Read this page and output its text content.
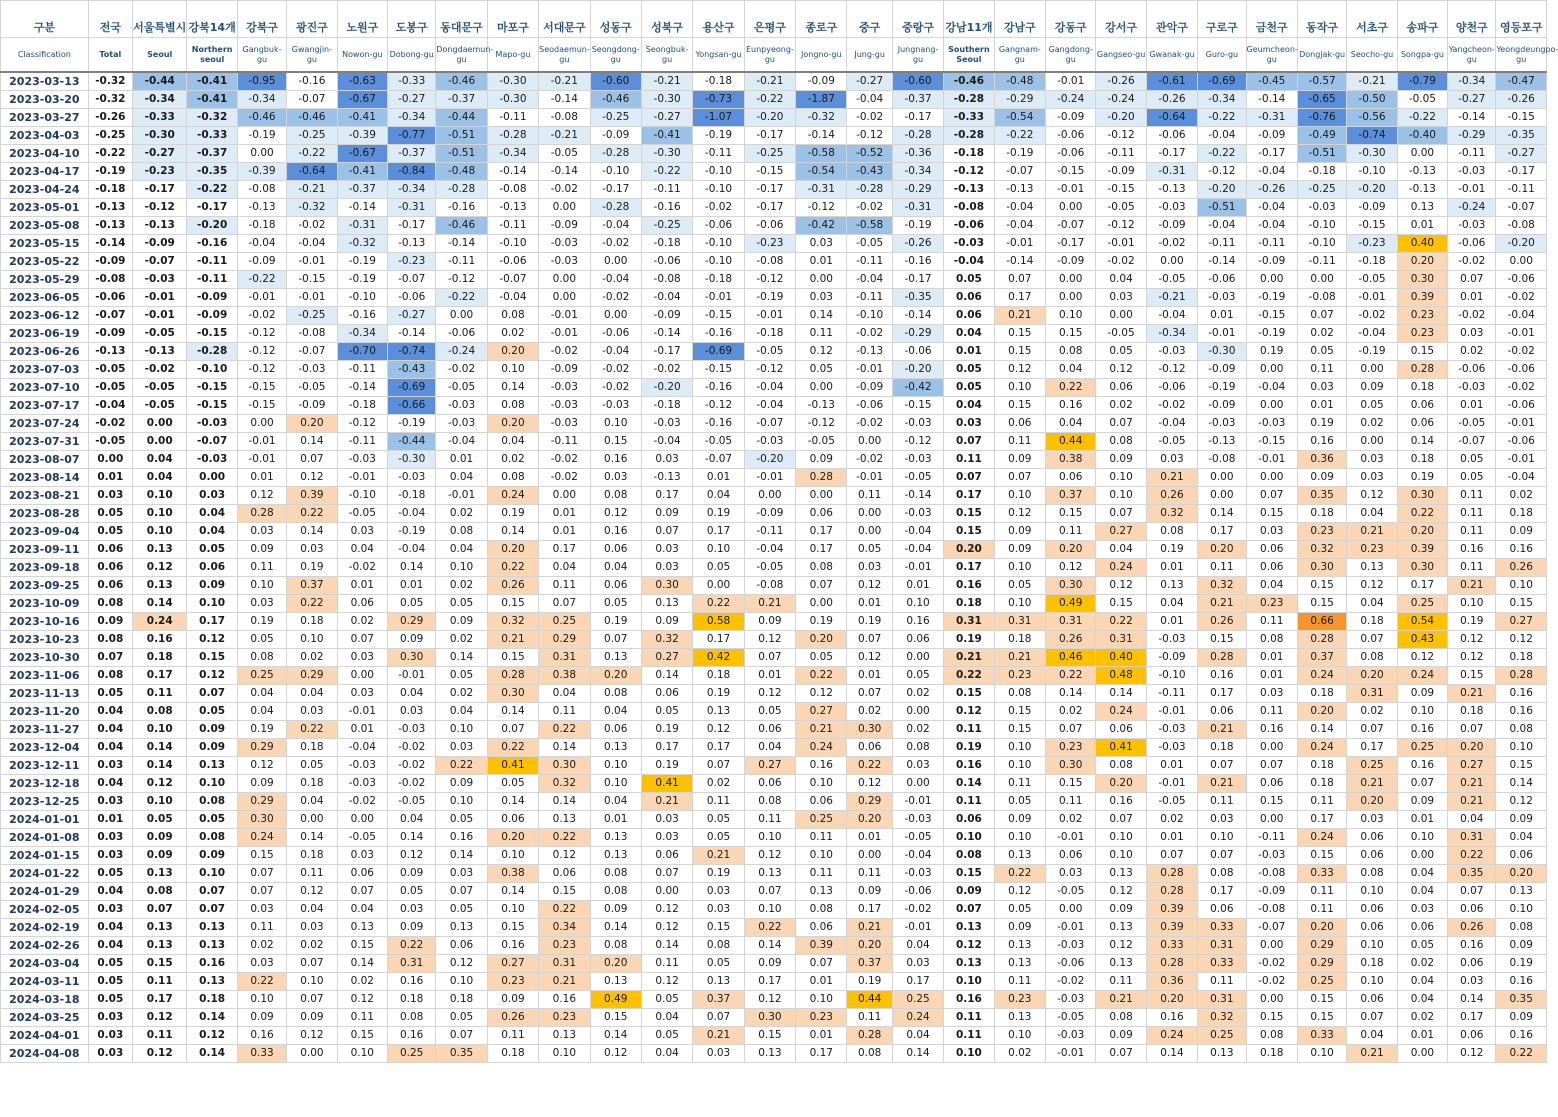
구분	전국	서울특별시	강북14개	강북구	광진구	노원구	도봉구	동대문구	마포구	서대문구	성동구	성북구	용산구	은평구	종로구	중구	중랑구	강남11개	강남구	강동구	강서구	관악구	구로구	금천구	동작구	서초구	송파구	양천구	영등포구
Classification	Total	Seoul	Northern seoul	Gangbuk-gu	Gwangjin-gu	Nowon-gu	Dobong-gu	Dongdaemun-gu	Mapo-gu	Seodaemun-gu	Seongdong-gu	Seongbuk-gu	Yongsan-gu	Eunpyeong-gu	Jongno-gu	Jung-gu	Jungnang-gu	Southern Seoul	Gangnam-gu	Gangdong-gu	Gangseo-gu	Gwanak-gu	Guro-gu	Geumcheon-gu	Dongjak-gu	Seocho-gu	Songpa-gu	Yangcheon-gu	Yeongdeungpo-gu
2023-03-13	-0.32	-0.44	-0.41	-0.95	-0.16	-0.63	-0.33	-0.46	-0.30	-0.21	-0.60	-0.21	-0.18	-0.21	-0.09	-0.27	-0.60	-0.46	-0.48	-0.01	-0.26	-0.61	-0.69	-0.45	-0.57	-0.21	-0.79	-0.34	-0.47
2023-03-20	-0.32	-0.34	-0.41	-0.34	-0.07	-0.67	-0.27	-0.37	-0.30	-0.14	-0.46	-0.30	-0.73	-0.22	-1.87	-0.04	-0.37	-0.28	-0.29	-0.24	-0.24	-0.26	-0.34	-0.14	-0.65	-0.50	-0.05	-0.27	-0.26
2023-03-27	-0.26	-0.33	-0.32	-0.46	-0.46	-0.41	-0.34	-0.44	-0.11	-0.08	-0.25	-0.27	-1.07	-0.20	-0.32	-0.02	-0.17	-0.33	-0.54	-0.09	-0.20	-0.64	-0.22	-0.31	-0.76	-0.56	-0.22	-0.14	-0.15
2023-04-03	-0.25	-0.30	-0.33	-0.19	-0.25	-0.39	-0.77	-0.51	-0.28	-0.21	-0.09	-0.41	-0.19	-0.17	-0.14	-0.12	-0.28	-0.28	-0.22	-0.06	-0.12	-0.06	-0.04	-0.09	-0.49	-0.74	-0.40	-0.29	-0.35
2023-04-10	-0.22	-0.27	-0.37	0.00	-0.22	-0.67	-0.37	-0.51	-0.34	-0.05	-0.28	-0.30	-0.11	-0.25	-0.58	-0.52	-0.36	-0.18	-0.19	-0.06	-0.11	-0.17	-0.22	-0.17	-0.51	-0.30	0.00	-0.11	-0.27
2023-04-17	-0.19	-0.23	-0.35	-0.39	-0.64	-0.41	-0.84	-0.48	-0.14	-0.14	-0.10	-0.22	-0.10	-0.15	-0.54	-0.43	-0.34	-0.12	-0.07	-0.15	-0.09	-0.31	-0.12	-0.04	-0.18	-0.10	-0.13	-0.03	-0.17
2023-04-24	-0.18	-0.17	-0.22	-0.08	-0.21	-0.37	-0.34	-0.28	-0.08	-0.02	-0.17	-0.11	-0.10	-0.17	-0.31	-0.28	-0.29	-0.13	-0.13	-0.01	-0.15	-0.13	-0.20	-0.26	-0.25	-0.20	-0.13	-0.01	-0.11
2023-05-01	-0.13	-0.12	-0.17	-0.13	-0.32	-0.14	-0.31	-0.16	-0.13	0.00	-0.28	-0.16	-0.02	-0.17	-0.12	-0.02	-0.31	-0.08	-0.04	0.00	-0.05	-0.03	-0.51	-0.04	-0.03	-0.09	0.13	-0.24	-0.07
2023-05-08	-0.13	-0.13	-0.20	-0.18	-0.02	-0.31	-0.17	-0.46	-0.11	-0.09	-0.04	-0.25	-0.06	-0.06	-0.42	-0.58	-0.19	-0.06	-0.04	-0.07	-0.12	-0.09	-0.04	-0.04	-0.10	-0.15	0.01	-0.03	-0.08
2023-05-15	-0.14	-0.09	-0.16	-0.04	-0.04	-0.32	-0.13	-0.14	-0.10	-0.03	-0.02	-0.18	-0.10	-0.23	0.03	-0.05	-0.26	-0.03	-0.01	-0.17	-0.01	-0.02	-0.11	-0.11	-0.10	-0.23	0.40	-0.06	-0.20
2023-05-22	-0.09	-0.07	-0.11	-0.09	-0.01	-0.19	-0.23	-0.11	-0.06	-0.03	0.00	-0.06	-0.10	-0.08	0.01	-0.11	-0.16	-0.04	-0.14	-0.09	-0.02	0.00	-0.14	-0.09	-0.11	-0.18	0.20	-0.02	0.00
2023-05-29	-0.08	-0.03	-0.11	-0.22	-0.15	-0.19	-0.07	-0.12	-0.07	0.00	-0.04	-0.08	-0.18	-0.12	0.00	-0.04	-0.17	0.05	0.07	0.00	0.04	-0.05	-0.06	0.00	0.00	-0.05	0.30	0.07	-0.06
2023-06-05	-0.06	-0.01	-0.09	-0.01	-0.01	-0.10	-0.06	-0.22	-0.04	0.00	-0.02	-0.04	-0.01	-0.19	0.03	-0.11	-0.35	0.06	0.17	0.00	0.03	-0.21	-0.03	-0.19	-0.08	-0.01	0.39	0.01	-0.02
2023-06-12	-0.07	-0.01	-0.09	-0.02	-0.25	-0.16	-0.27	0.00	0.08	-0.01	0.00	-0.09	-0.15	-0.01	0.14	-0.10	-0.14	0.06	0.21	0.10	0.00	-0.04	0.01	-0.15	0.07	-0.02	0.23	-0.02	-0.04
2023-06-19	-0.09	-0.05	-0.15	-0.12	-0.08	-0.34	-0.14	-0.06	0.02	-0.01	-0.06	-0.14	-0.16	-0.18	0.11	-0.02	-0.29	0.04	0.15	0.15	-0.05	-0.34	-0.01	-0.19	0.02	-0.04	0.23	0.03	-0.01
2023-06-26	-0.13	-0.13	-0.28	-0.12	-0.07	-0.70	-0.74	-0.24	0.20	-0.02	-0.04	-0.17	-0.69	-0.05	0.12	-0.13	-0.06	0.01	0.15	0.08	0.05	-0.03	-0.30	0.19	0.05	-0.19	0.15	0.02	-0.02
2023-07-03	-0.05	-0.02	-0.10	-0.12	-0.03	-0.11	-0.43	-0.02	0.10	-0.09	-0.02	-0.02	-0.15	-0.12	0.05	-0.01	-0.20	0.05	0.12	0.04	0.12	-0.12	-0.09	0.00	0.11	0.00	0.28	-0.06	-0.06
2023-07-10	-0.05	-0.05	-0.15	-0.15	-0.05	-0.14	-0.69	-0.05	0.14	-0.03	-0.02	-0.20	-0.16	-0.04	0.00	-0.09	-0.42	0.05	0.10	0.22	0.06	-0.06	-0.19	-0.04	0.03	0.09	0.18	-0.03	-0.02
2023-07-17	-0.04	-0.05	-0.15	-0.15	-0.09	-0.18	-0.66	-0.03	0.08	-0.03	-0.03	-0.18	-0.12	-0.04	-0.13	-0.06	-0.15	0.04	0.15	0.16	0.02	-0.02	-0.09	0.00	0.01	0.05	0.06	0.01	-0.06
2023-07-24	-0.02	0.00	-0.03	0.00	0.20	-0.12	-0.19	-0.03	0.20	-0.03	0.10	-0.03	-0.16	-0.07	-0.12	-0.02	-0.03	0.03	0.06	0.04	0.07	-0.04	-0.03	-0.03	0.19	0.02	0.06	-0.05	-0.01
2023-07-31	-0.05	0.00	-0.07	-0.01	0.14	-0.11	-0.44	-0.04	0.04	-0.11	0.15	-0.04	-0.05	-0.03	-0.05	0.00	-0.12	0.07	0.11	0.44	0.08	-0.05	-0.13	-0.15	0.16	0.00	0.14	-0.07	-0.06
2023-08-07	0.00	0.04	-0.03	-0.01	0.07	-0.03	-0.30	0.01	0.02	-0.02	0.16	0.03	-0.07	-0.20	0.09	-0.02	-0.03	0.11	0.09	0.38	0.09	0.03	-0.08	-0.01	0.36	0.03	0.18	0.05	-0.01
2023-08-14	0.01	0.04	0.00	0.01	0.12	-0.01	-0.03	0.04	0.08	-0.02	0.03	-0.13	0.01	-0.01	0.28	-0.01	-0.05	0.07	0.07	0.06	0.10	0.21	0.00	0.00	0.09	0.03	0.19	0.05	-0.04
2023-08-21	0.03	0.10	0.03	0.12	0.39	-0.10	-0.18	-0.01	0.24	0.00	0.08	0.17	0.04	0.00	0.00	0.11	-0.14	0.17	0.10	0.37	0.10	0.26	0.00	0.07	0.35	0.12	0.30	0.11	0.02
2023-08-28	0.05	0.10	0.04	0.28	0.22	-0.05	-0.04	0.02	0.19	0.01	0.12	0.09	0.19	-0.09	0.06	0.00	-0.03	0.15	0.12	0.15	0.07	0.32	0.14	0.15	0.18	0.04	0.22	0.11	0.18
2023-09-04	0.05	0.10	0.04	0.03	0.14	0.03	-0.19	0.08	0.14	0.01	0.16	0.07	0.17	-0.11	0.17	0.00	-0.04	0.15	0.09	0.11	0.27	0.08	0.17	0.03	0.23	0.21	0.20	0.11	0.09
2023-09-11	0.06	0.13	0.05	0.09	0.03	0.04	-0.04	0.04	0.20	0.17	0.06	0.03	0.10	-0.04	0.17	0.05	-0.04	0.20	0.09	0.20	0.04	0.19	0.20	0.06	0.32	0.23	0.39	0.16	0.16
2023-09-18	0.06	0.12	0.06	0.11	0.19	-0.02	0.14	0.10	0.22	0.04	0.04	0.03	0.05	-0.05	0.08	0.03	-0.01	0.17	0.10	0.12	0.24	0.01	0.11	0.06	0.30	0.13	0.30	0.11	0.26
2023-09-25	0.06	0.13	0.09	0.10	0.37	0.01	0.01	0.02	0.26	0.11	0.06	0.30	0.00	-0.08	0.07	0.12	0.01	0.16	0.05	0.30	0.12	0.13	0.32	0.04	0.15	0.12	0.17	0.21	0.10
2023-10-09	0.08	0.14	0.10	0.03	0.22	0.06	0.05	0.05	0.15	0.07	0.05	0.13	0.22	0.21	0.00	0.01	0.10	0.18	0.10	0.49	0.15	0.04	0.21	0.23	0.15	0.04	0.25	0.10	0.15
2023-10-16	0.09	0.24	0.17	0.19	0.18	0.02	0.29	0.09	0.32	0.25	0.19	0.09	0.58	0.09	0.19	0.19	0.16	0.31	0.31	0.31	0.22	0.01	0.26	0.11	0.66	0.18	0.54	0.19	0.27
2023-10-23	0.08	0.16	0.12	0.05	0.10	0.07	0.09	0.02	0.21	0.29	0.07	0.32	0.17	0.12	0.20	0.07	0.06	0.19	0.18	0.26	0.31	-0.03	0.15	0.08	0.28	0.07	0.43	0.12	0.12
2023-10-30	0.07	0.18	0.15	0.08	0.02	0.03	0.30	0.14	0.15	0.31	0.13	0.27	0.42	0.07	0.05	0.12	0.00	0.21	0.21	0.46	0.40	-0.09	0.28	0.01	0.37	0.08	0.12	0.12	0.18
2023-11-06	0.08	0.17	0.12	0.25	0.29	0.00	-0.01	0.05	0.28	0.38	0.20	0.14	0.18	0.01	0.22	0.01	0.05	0.22	0.23	0.22	0.48	-0.10	0.16	0.01	0.24	0.20	0.24	0.15	0.28
2023-11-13	0.05	0.11	0.07	0.04	0.04	0.03	0.04	0.02	0.30	0.04	0.08	0.06	0.19	0.12	0.12	0.07	0.02	0.15	0.08	0.14	0.14	-0.11	0.17	0.03	0.18	0.31	0.09	0.21	0.16
2023-11-20	0.04	0.08	0.05	0.04	0.03	-0.01	0.03	0.04	0.14	0.11	0.04	0.05	0.13	0.05	0.27	0.02	0.00	0.12	0.15	0.02	0.24	-0.01	0.06	0.11	0.20	0.02	0.10	0.18	0.16
2023-11-27	0.04	0.10	0.09	0.19	0.22	0.01	-0.03	0.10	0.07	0.22	0.06	0.19	0.12	0.06	0.21	0.30	0.02	0.11	0.15	0.07	0.06	-0.03	0.21	0.16	0.14	0.07	0.16	0.07	0.08
2023-12-04	0.04	0.14	0.09	0.29	0.18	-0.04	-0.02	0.03	0.22	0.14	0.13	0.17	0.17	0.04	0.24	0.06	0.08	0.19	0.10	0.23	0.41	-0.03	0.18	0.00	0.24	0.17	0.25	0.20	0.10
2023-12-11	0.03	0.14	0.13	0.12	0.05	-0.03	-0.02	0.22	0.41	0.30	0.10	0.19	0.07	0.27	0.16	0.22	0.03	0.16	0.10	0.30	0.08	0.01	0.07	0.07	0.18	0.25	0.16	0.27	0.15
2023-12-18	0.04	0.12	0.10	0.09	0.18	-0.03	-0.02	0.09	0.05	0.32	0.10	0.41	0.02	0.06	0.10	0.12	0.00	0.14	0.11	0.15	0.20	-0.01	0.21	0.06	0.18	0.21	0.07	0.21	0.14
2023-12-25	0.03	0.10	0.08	0.29	0.04	-0.02	-0.05	0.10	0.14	0.14	0.04	0.21	0.11	0.08	0.06	0.29	-0.01	0.11	0.05	0.11	0.16	-0.05	0.11	0.15	0.11	0.20	0.09	0.21	0.12
2024-01-01	0.01	0.05	0.05	0.30	0.00	0.00	0.04	0.05	0.06	0.13	0.01	0.03	0.05	0.11	0.25	0.20	-0.03	0.06	0.09	0.02	0.07	0.02	0.03	0.00	0.17	0.03	0.01	0.04	0.09
2024-01-08	0.03	0.09	0.08	0.24	0.14	-0.05	0.14	0.16	0.20	0.22	0.13	0.03	0.05	0.10	0.11	0.01	-0.05	0.10	0.10	-0.01	0.10	0.01	0.10	-0.11	0.24	0.06	0.10	0.31	0.04
2024-01-15	0.03	0.09	0.09	0.15	0.18	0.03	0.12	0.14	0.10	0.12	0.13	0.06	0.21	0.12	0.10	0.00	-0.04	0.08	0.13	0.06	0.10	0.07	0.07	-0.03	0.15	0.06	0.00	0.22	0.06
2024-01-22	0.05	0.13	0.10	0.07	0.11	0.06	0.09	0.03	0.38	0.06	0.08	0.07	0.19	0.13	0.11	0.11	-0.03	0.15	0.22	0.03	0.13	0.28	0.08	-0.08	0.33	0.08	0.04	0.35	0.20
2024-01-29	0.04	0.08	0.07	0.07	0.12	0.07	0.05	0.07	0.14	0.15	0.08	0.00	0.03	0.07	0.13	0.09	-0.06	0.09	0.12	-0.05	0.12	0.28	0.17	-0.09	0.11	0.10	0.04	0.07	0.13
2024-02-05	0.03	0.07	0.07	0.03	0.04	0.04	0.03	0.05	0.10	0.22	0.09	0.12	0.03	0.10	0.08	0.17	-0.02	0.07	0.05	0.00	0.09	0.39	0.06	-0.08	0.11	0.06	0.03	0.06	0.10
2024-02-19	0.04	0.13	0.13	0.11	0.03	0.13	0.09	0.13	0.15	0.34	0.14	0.12	0.15	0.22	0.06	0.21	-0.01	0.13	0.09	-0.01	0.13	0.39	0.33	-0.07	0.20	0.06	0.06	0.26	0.08
2024-02-26	0.04	0.13	0.13	0.02	0.02	0.15	0.22	0.06	0.16	0.23	0.08	0.14	0.08	0.14	0.39	0.20	0.04	0.12	0.13	-0.03	0.12	0.33	0.31	0.00	0.29	0.10	0.05	0.16	0.09
2024-03-04	0.05	0.15	0.16	0.03	0.07	0.14	0.31	0.12	0.27	0.31	0.20	0.11	0.05	0.09	0.07	0.37	0.03	0.13	0.13	-0.06	0.13	0.28	0.33	-0.02	0.29	0.18	0.02	0.06	0.19
2024-03-11	0.05	0.11	0.13	0.22	0.10	0.02	0.16	0.10	0.23	0.21	0.13	0.12	0.13	0.17	0.01	0.19	0.17	0.10	0.11	-0.02	0.11	0.36	0.11	-0.02	0.25	0.10	0.04	0.03	0.16
2024-03-18	0.05	0.17	0.18	0.10	0.07	0.12	0.18	0.18	0.09	0.16	0.49	0.05	0.37	0.12	0.10	0.44	0.25	0.16	0.23	-0.03	0.21	0.20	0.31	0.00	0.15	0.06	0.04	0.14	0.35
2024-03-25	0.03	0.12	0.14	0.09	0.09	0.11	0.08	0.05	0.26	0.23	0.15	0.04	0.07	0.30	0.23	0.11	0.24	0.11	0.13	-0.05	0.08	0.16	0.32	0.15	0.15	0.07	0.02	0.17	0.09
2024-04-01	0.03	0.11	0.12	0.16	0.12	0.15	0.16	0.07	0.11	0.13	0.14	0.05	0.21	0.15	0.01	0.28	0.04	0.11	0.10	-0.03	0.09	0.24	0.25	0.08	0.33	0.04	0.01	0.06	0.16
2024-04-08	0.03	0.12	0.14	0.33	0.00	0.10	0.25	0.35	0.18	0.10	0.12	0.04	0.03	0.13	0.17	0.08	0.14	0.10	0.02	-0.01	0.07	0.14	0.13	0.18	0.10	0.21	0.00	0.12	0.22
